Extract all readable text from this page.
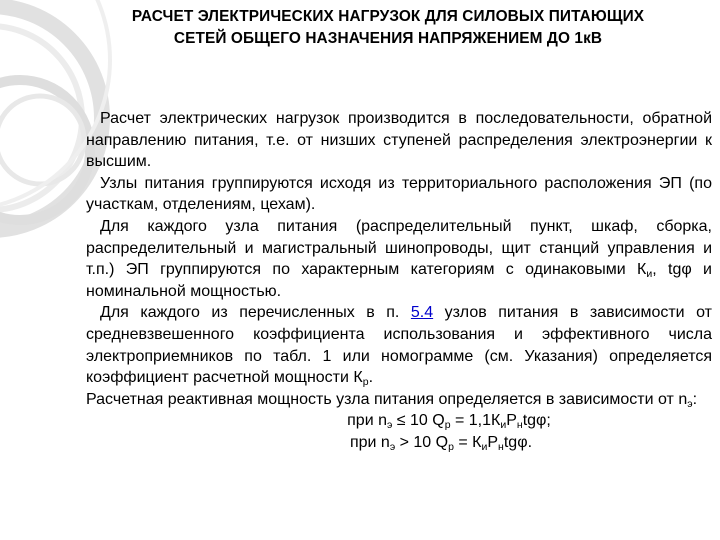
РАСЧЕТ ЭЛЕКТРИЧЕСКИХ НАГРУЗОК ДЛЯ СИЛОВЫХ ПИТАЮЩИХ
СЕТЕЙ ОБЩЕГО НАЗНАЧЕНИЯ НАПРЯЖЕНИЕМ ДО 1кВ

Расчет электрических нагрузок производится в последовательности, обратной направлению питания, т.е. от низших ступеней распределения электроэнергии к высшим.

Узлы питания группируются исходя из территориального расположения ЭП (по участкам, отделениям, цехам).

Для каждого узла питания (распределительный пункт, шкаф, сборка, распределительный и магистральный шинопроводы, щит станций управления и т.п.) ЭП группируются по характерным категориям с одинаковыми $К_и$, tgφ и номинальной мощностью.

Для каждого из перечисленных в п. 5.4 узлов питания в зависимости от средневзвешенного коэффициента использования и эффективного числа электроприемников по табл. 1 или номограмме (см. Указания) определяется коэффициент расчетной мощности $К_р$.

Расчетная реактивная мощность узла питания определяется в зависимости от $n_э$:

при $n_э \le 10$ $Q_р = 1,1К_иР_нtg\varphi$;

при $n_э > 10$ $Q_р = К_иР_нtg\varphi$.
